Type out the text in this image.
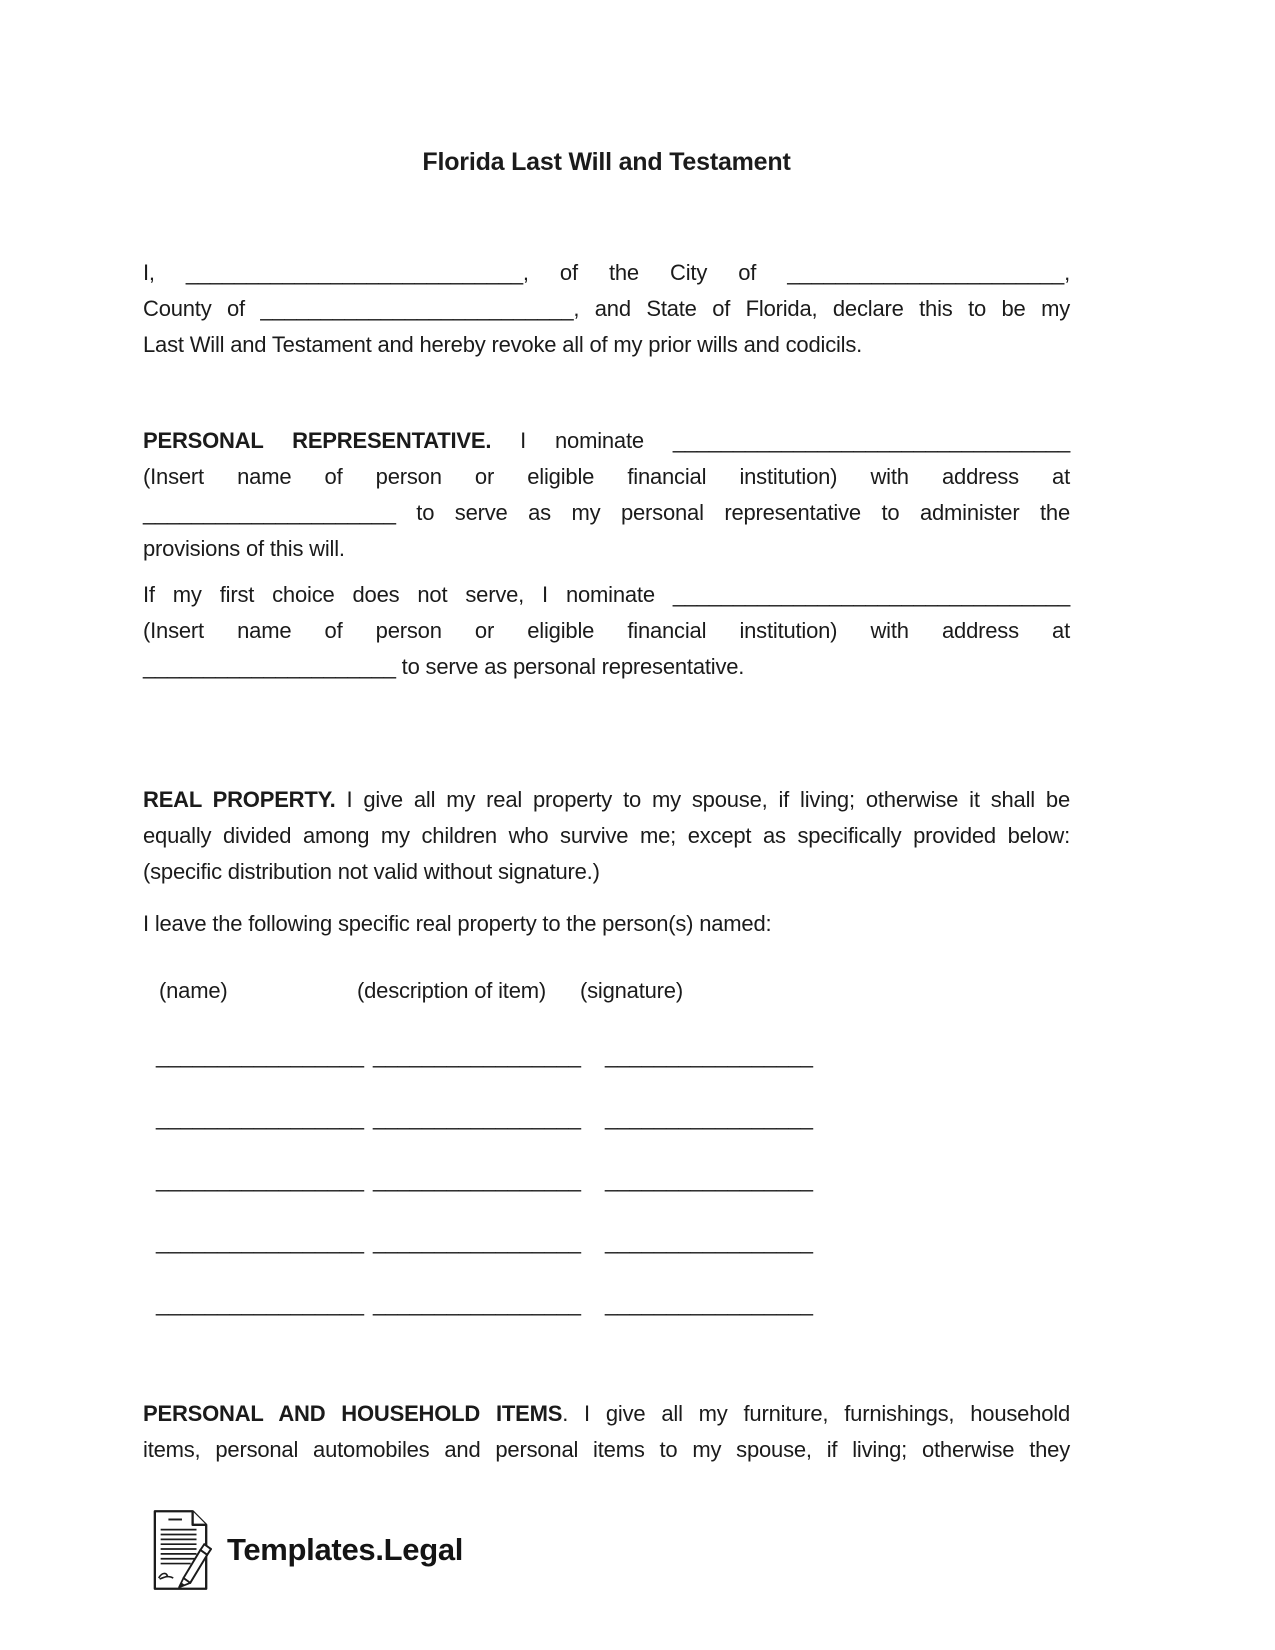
Florida Last Will and Testament
I, ____________________________, of the City of _______________________,
County of __________________________, and State of Florida, declare this to be my
Last Will and Testament and hereby revoke all of my prior wills and codicils.
PERSONAL REPRESENTATIVE. I nominate _________________________________
(Insert name of person or eligible financial institution) with address at
_____________________ to serve as my personal representative to administer the
provisions of this will.
If my first choice does not serve, I nominate _________________________________
(Insert name of person or eligible financial institution) with address at
_____________________ to serve as personal representative.
REAL PROPERTY. I give all my real property to my spouse, if living; otherwise it shall be
equally divided among my children who survive me; except as specifically provided below:
(specific distribution not valid without signature.)
I leave the following specific real property to the person(s) named:
(name)	(description of item) (signature)
_________________ _________________ _________________
_________________ _________________ _________________
_________________ _________________ _________________
_________________ _________________ _________________
_________________ _________________ _________________
PERSONAL AND HOUSEHOLD ITEMS. I give all my furniture, furnishings, household
items, personal automobiles and personal items to my spouse, if living; otherwise they
Templates.Legal
